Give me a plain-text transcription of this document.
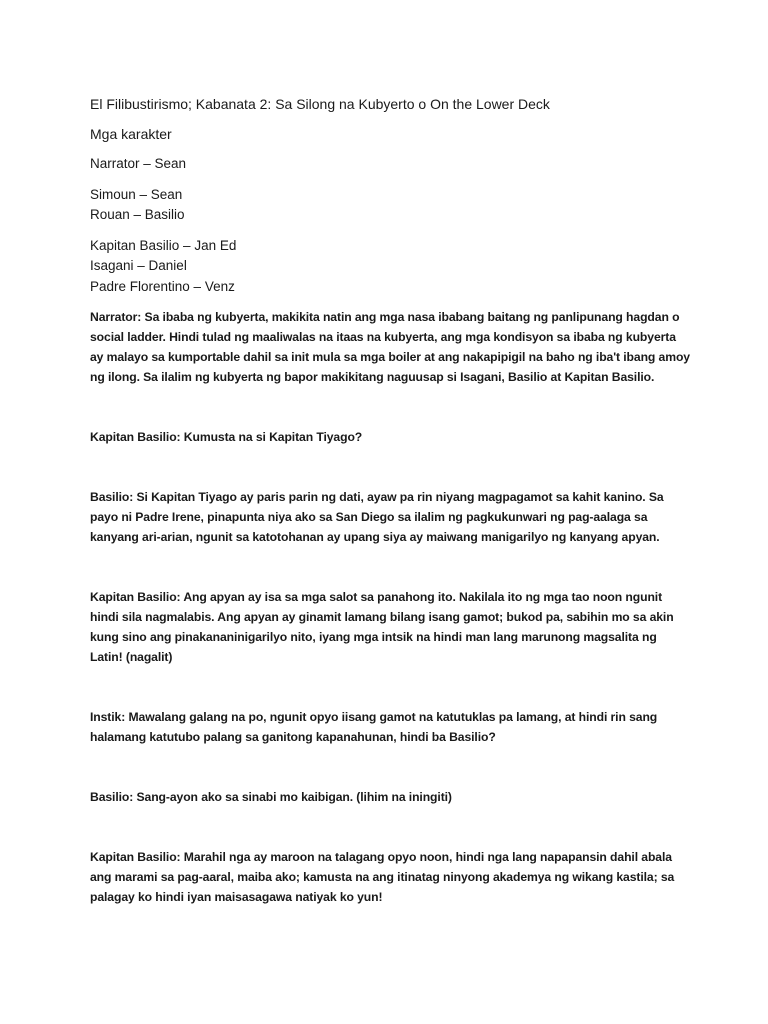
El Filibustirismo; Kabanata 2: Sa Silong na Kubyerto o On the Lower Deck

Mga karakter

Narrator – Sean

Simoun – Sean

Rouan – Basilio

Kapitan Basilio – Jan Ed

Isagani – Daniel

Padre Florentino – Venz

Narrator: Sa ibaba ng kubyerta, makikita natin ang mga nasa ibabang baitang ng panlipunang hagdan o social ladder. Hindi tulad ng maaliwalas na itaas na kubyerta, ang mga kondisyon sa ibaba ng kubyerta ay malayo sa kumportable dahil sa init mula sa mga boiler at ang nakapipigil na baho ng iba't ibang amoy ng ilong. Sa ilalim ng kubyerta ng bapor makikitang naguusap si Isagani, Basilio at Kapitan Basilio.

Kapitan Basilio: Kumusta na si Kapitan Tiyago?

Basilio: Si Kapitan Tiyago ay paris parin ng dati, ayaw pa rin niyang magpagamot sa kahit kanino. Sa payo ni Padre Irene, pinapunta niya ako sa San Diego sa ilalim ng pagkukunwari ng pag-aalaga sa kanyang ari-arian, ngunit sa katotohanan ay upang siya ay maiwang manigarilyo ng kanyang apyan.

Kapitan Basilio: Ang apyan ay isa sa mga salot sa panahong ito. Nakilala ito ng mga tao noon ngunit hindi sila nagmalabis. Ang apyan ay ginamit lamang bilang isang gamot; bukod pa, sabihin mo sa akin kung sino ang pinakananinigarilyo nito, iyang mga intsik na hindi man lang marunong magsalita ng Latin! (nagalit)

Instik: Mawalang galang na po, ngunit opyo iisang gamot na katutuklas pa lamang, at hindi rin sang halamang katutubo palang sa ganitong kapanahunan, hindi ba Basilio?

Basilio: Sang-ayon ako sa sinabi mo kaibigan. (lihim na iningiti)

Kapitan Basilio: Marahil nga ay maroon na talagang opyo noon, hindi nga lang napapansin dahil abala ang marami sa pag-aaral, maiba ako; kamusta na ang itinatag ninyong akademya ng wikang kastila; sa palagay ko hindi iyan maisasagawa natiyak ko yun!
